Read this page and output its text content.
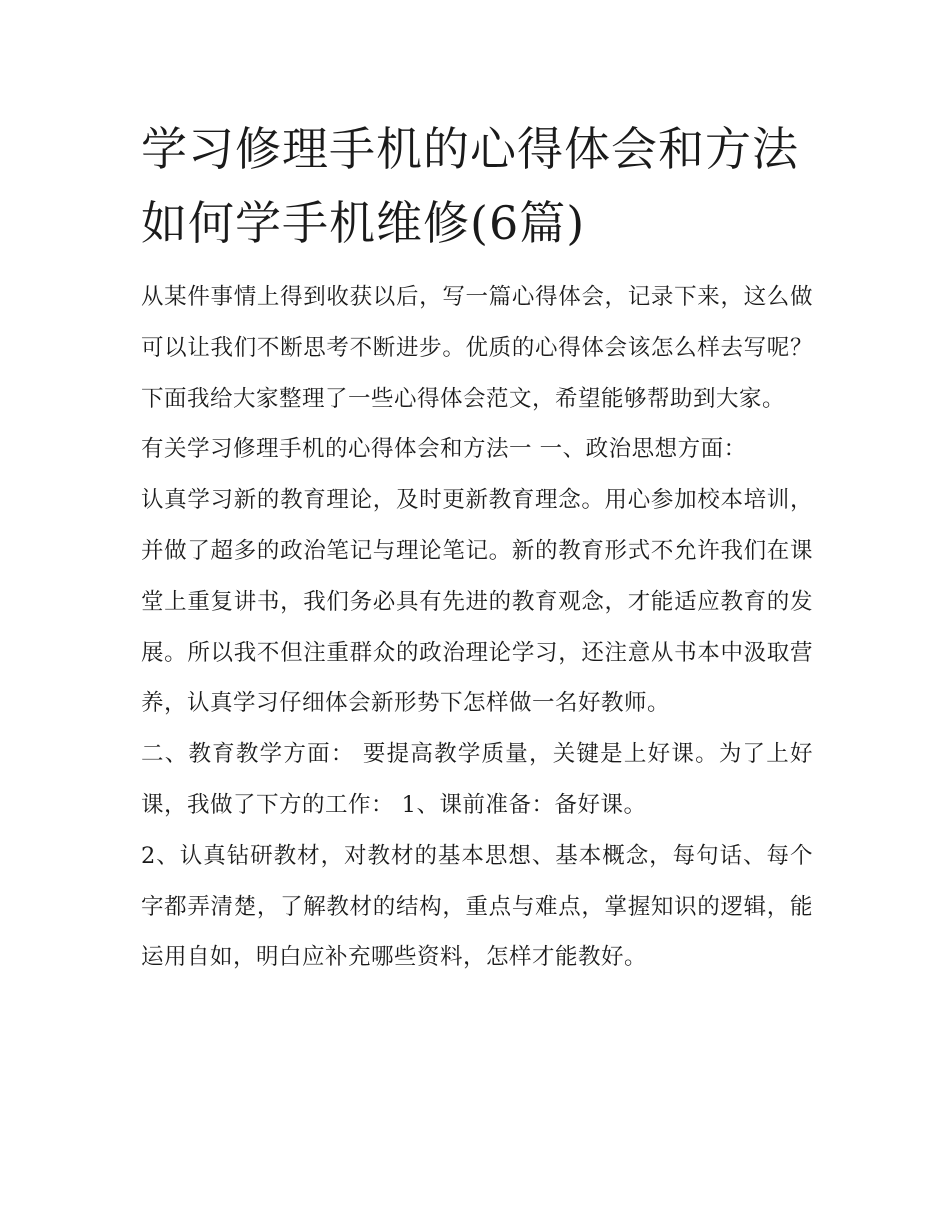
学习修理手机的心得体会和方法 如何学手机维修(6篇)

从某件事情上得到收获以后，写一篇心得体会，记录下来，这么做可以让我们不断思考不断进步。优质的心得体会该怎么样去写呢？下面我给大家整理了一些心得体会范文，希望能够帮助到大家。

有关学习修理手机的心得体会和方法一 一、政治思想方面：

认真学习新的教育理论，及时更新教育理念。用心参加校本培训，并做了超多的政治笔记与理论笔记。新的教育形式不允许我们在课堂上重复讲书，我们务必具有先进的教育观念，才能适应教育的发展。所以我不但注重群众的政治理论学习，还注意从书本中汲取营养，认真学习仔细体会新形势下怎样做一名好教师。

二、教育教学方面： 要提高教学质量，关键是上好课。为了上好课，我做了下方的工作： 1、课前准备：备好课。

2、认真钻研教材，对教材的基本思想、基本概念，每句话、每个字都弄清楚，了解教材的结构，重点与难点，掌握知识的逻辑，能运用自如，明白应补充哪些资料，怎样才能教好。
